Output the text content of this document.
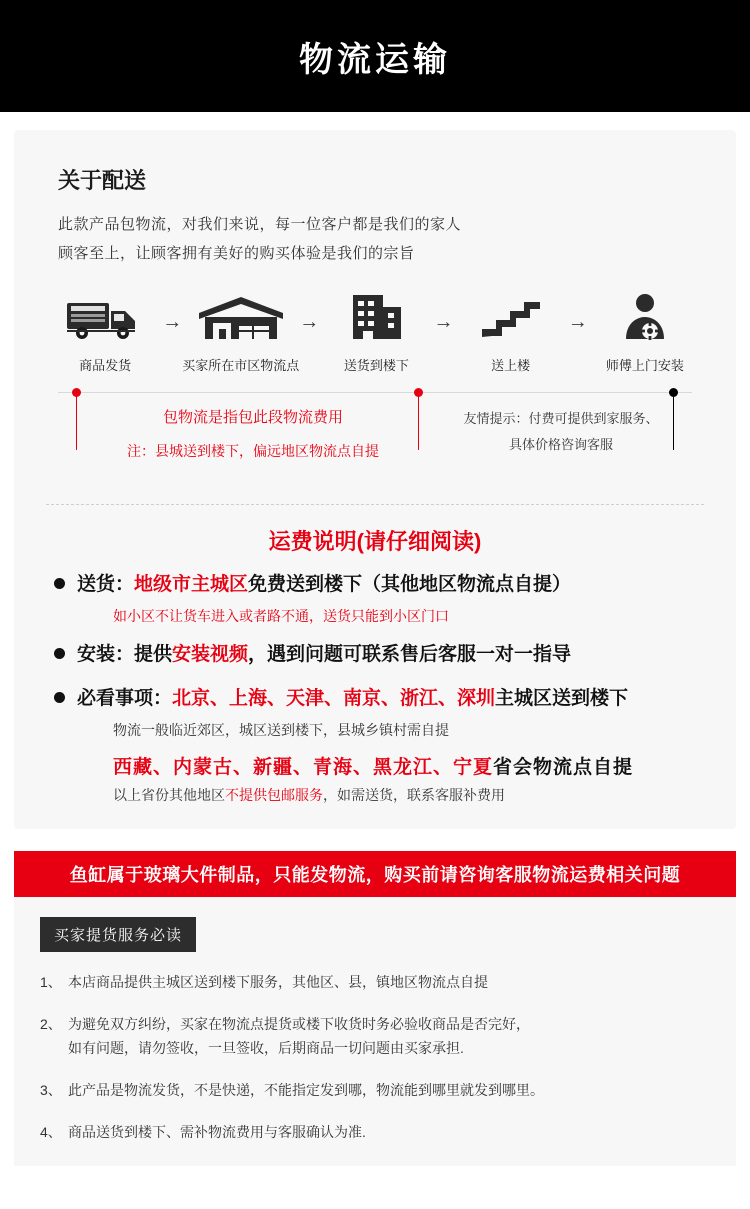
物流运输
关于配送
此款产品包物流，对我们来说，每一位客户都是我们的家人
顾客至上，让顾客拥有美好的购买体验是我们的宗旨
商品发货
→
买家所在市区物流点
→
送货到楼下
→
送上楼
→
师傅上门安装
包物流是指包此段物流费用
注：县城送到楼下，偏远地区物流点自提
友情提示：付费可提供到家服务、
具体价格咨询客服
运费说明(请仔细阅读)
送货：地级市主城区免费送到楼下（其他地区物流点自提）
如小区不让货车进入或者路不通，送货只能到小区门口
安装：提供安装视频，遇到问题可联系售后客服一对一指导
必看事项：北京、上海、天津、南京、浙江、深圳主城区送到楼下
物流一般临近郊区，城区送到楼下，县城乡镇村需自提
西藏、内蒙古、新疆、青海、黑龙江、宁夏省会物流点自提
以上省份其他地区不提供包邮服务，如需送货，联系客服补费用
鱼缸属于玻璃大件制品，只能发物流，购买前请咨询客服物流运费相关问题
买家提货服务必读
1、 本店商品提供主城区送到楼下服务，其他区、县，镇地区物流点自提
2、 为避免双方纠纷，买家在物流点提货或楼下收货时务必验收商品是否完好，
如有问题，请勿签收，一旦签收，后期商品一切问题由买家承担.
3、 此产品是物流发货，不是快递，不能指定发到哪，物流能到哪里就发到哪里。
4、 商品送货到楼下、需补物流费用与客服确认为准.
